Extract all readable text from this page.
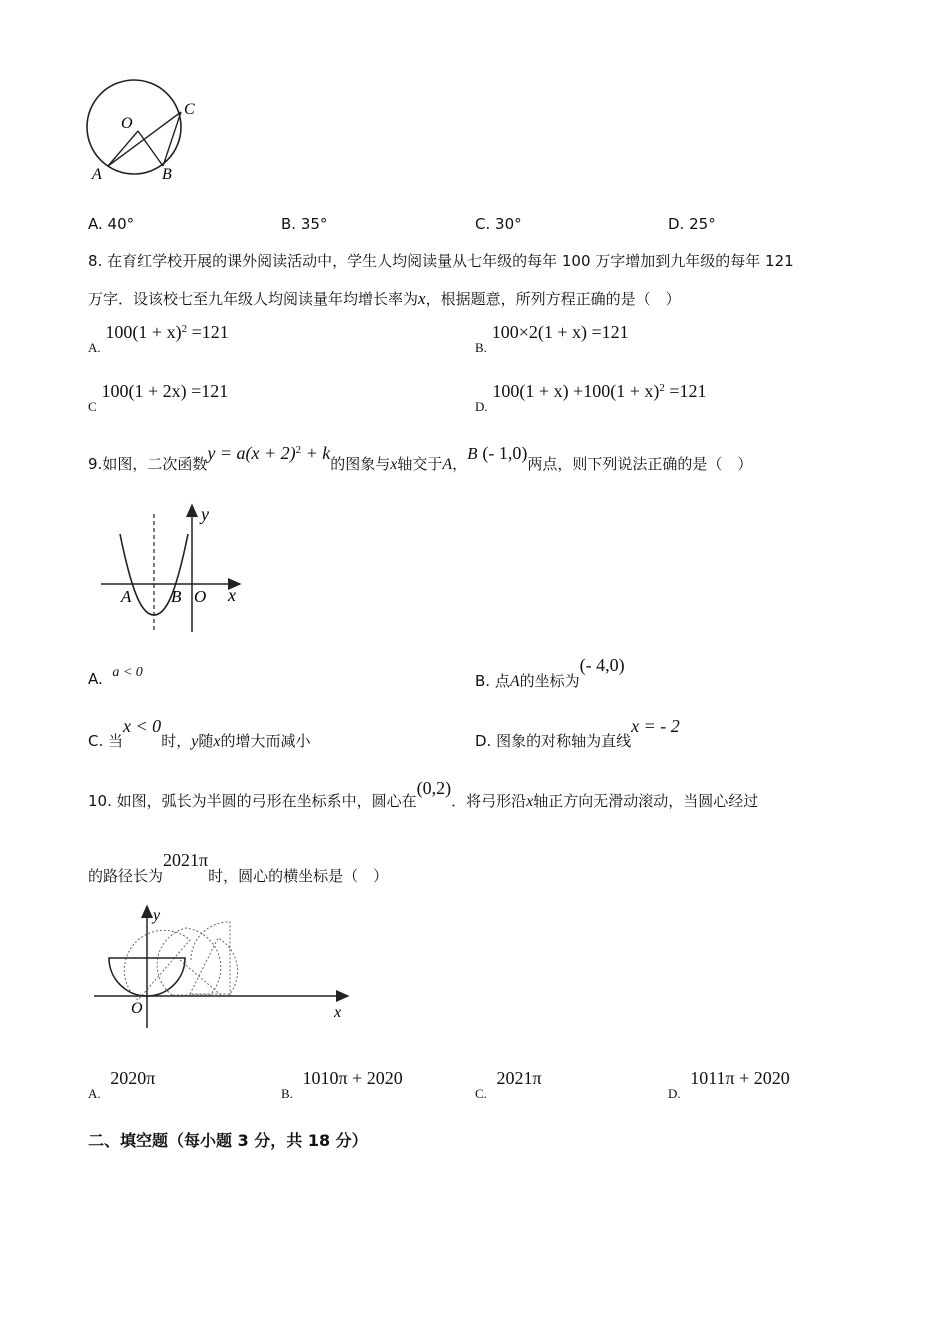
O
C
A	B
A. 40°	B. 35°	C. 30°	D. 25°
8. 在育红学校开展的课外阅读活动中，学生人均阅读量从七年级的每年 100 万字增加到九年级的每年 121
万字．设该校七至九年级人均阅读量年均增长率为x，根据题意，所列方程正确的是（　）
A. $100(1 + x)^2 =121$
B. 100×2(1 + x) =121
C 100(1 + 2x) =121
D. $100(1 + x) +100(1 + x)^2 =121$
9.如图，二次函数$y = a(x + 2)^2 + k$的图象与x轴交于A，B (- 1,0)两点，则下列说法正确的是（　）
y
x
A B O
A. a < 0	B. 点A的坐标为(- 4,0)
C. 当x < 0时，y随x的增大而减小	D. 图象的对称轴为直线x = - 2
10. 如图，弧长为半圆的弓形在坐标系中，圆心在(0,2)．将弓形沿x轴正方向无滑动滚动，当圆心经过
的路径长为2021π时，圆心的横坐标是（　）
y
O	x
A.  2020π
B.  1010π + 2020
C.  2021π
D.  1011π + 2020
二、填空题（每小题 3 分，共 18 分）
